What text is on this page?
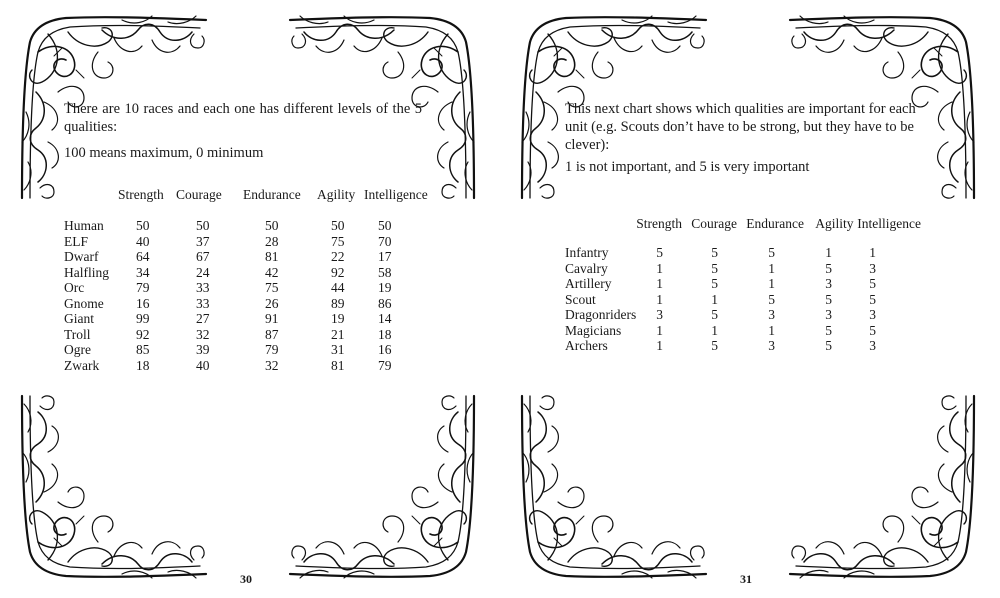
There are 10 races and each one has different levels of the 5 qualities:

100 means maximum, 0 minimum

	Strength	Courage	Endurance	Agility	Intelligence
Human	50	50	50	50	50
ELF	40	37	28	75	70
Dwarf	64	67	81	22	17
Halfling	34	24	42	92	58
Orc	79	33	75	44	19
Gnome	16	33	26	89	86
Giant	99	27	91	19	14
Troll	92	32	87	21	18
Ogre	85	39	79	31	16
Zwark	18	40	32	81	79
30

This next chart shows which qualities are important for each unit (e.g. Scouts don’t have to be strong, but they have to be clever):

1 is not important, and 5 is very important

	Strength	Courage	Endurance	Agility	Intelligence
Infantry	5	5	5	1	1
Cavalry	1	5	1	5	3
Artillery	1	5	1	3	5
Scout	1	1	5	5	5
Dragonriders	3	5	3	3	3
Magicians	1	1	1	5	5
Archers	1	5	3	5	3
31
